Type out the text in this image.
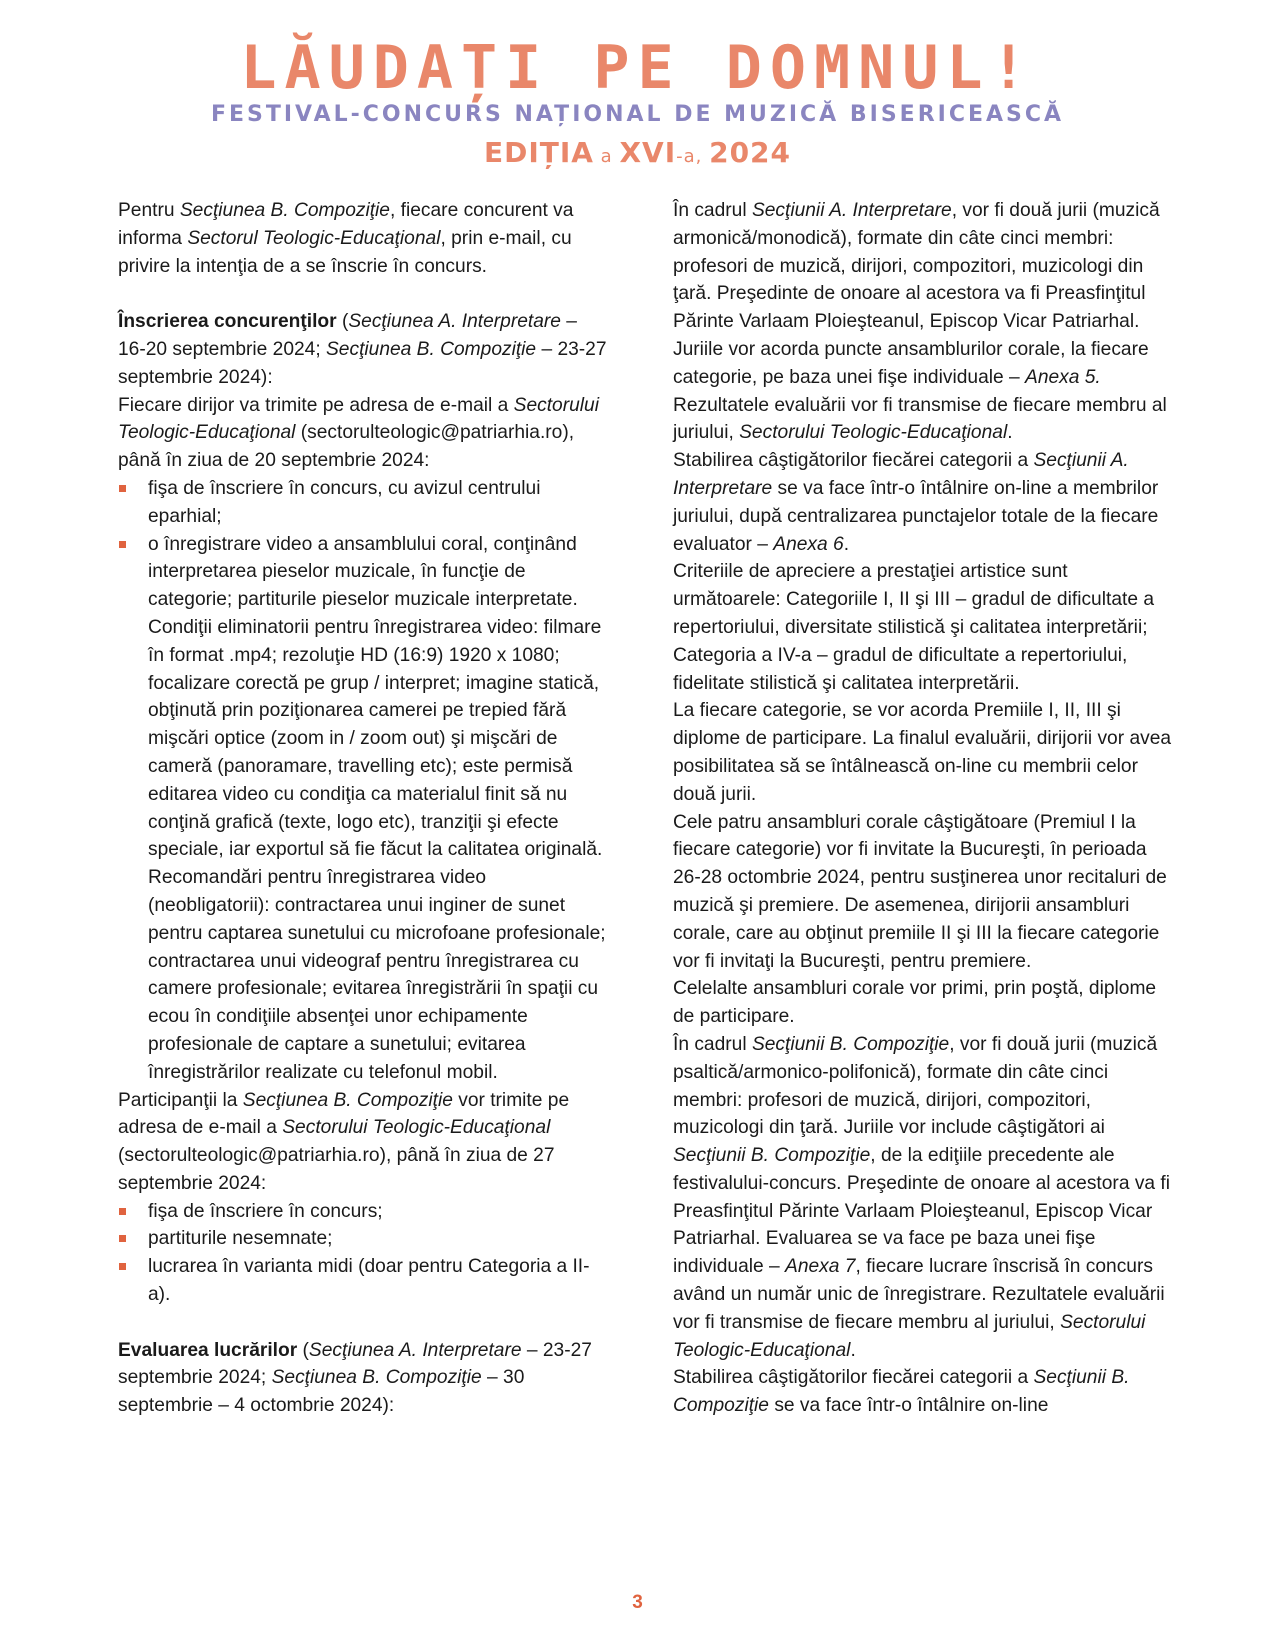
LĂUDAȚI PE DOMNUL!
FESTIVAL-CONCURS NAȚIONAL DE MUZICĂ BISERICEASCĂ
EDIȚIA a XVI-a, 2024

Pentru Secţiunea B. Compoziţie, fiecare concurent va informa Sectorul Teologic-Educaţional, prin e-mail, cu privire la intenţia de a se înscrie în concurs.

Înscrierea concurenţilor (Secţiunea A. Interpretare – 16-20 septembrie 2024; Secţiunea B. Compoziţie – 23-27 septembrie 2024):

Fiecare dirijor va trimite pe adresa de e-mail a Sectorului Teologic-Educaţional (sectorulteologic@patriarhia.ro), până în ziua de 20 septembrie 2024:

fişa de înscriere în concurs, cu avizul centrului eparhial;
o înregistrare video a ansamblului coral, conţinând interpretarea pieselor muzicale, în funcţie de categorie; partiturile pieselor muzicale interpretate. Condiţii eliminatorii pentru înregistrarea video: filmare în format .mp4; rezoluţie HD (16:9) 1920 x 1080; focalizare corectă pe grup / interpret; imagine statică, obţinută prin poziţionarea camerei pe trepied fără mişcări optice (zoom in / zoom out) şi mişcări de cameră (panoramare, travelling etc); este permisă editarea video cu condiţia ca materialul finit să nu conţină grafică (texte, logo etc), tranziţii şi efecte speciale, iar exportul să fie făcut la calitatea originală. Recomandări pentru înregistrarea video (neobligatorii): contractarea unui inginer de sunet pentru captarea sunetului cu microfoane profesionale; contractarea unui videograf pentru înregistrarea cu camere profesionale; evitarea înregistrării în spaţii cu ecou în condiţiile absenţei unor echipamente profesionale de captare a sunetului; evitarea înregistrărilor realizate cu telefonul mobil.

Participanţii la Secţiunea B. Compoziţie vor trimite pe adresa de e-mail a Sectorului Teologic-Educaţional (sectorulteologic@patriarhia.ro), până în ziua de 27 septembrie 2024:

fişa de înscriere în concurs;
partiturile nesemnate;
lucrarea în varianta midi (doar pentru Categoria a II-a).

Evaluarea lucrărilor (Secţiunea A. Interpretare – 23-27 septembrie 2024; Secţiunea B. Compoziţie – 30 septembrie – 4 octombrie 2024):

În cadrul Secţiunii A. Interpretare, vor fi două jurii (muzică armonică/monodică), formate din câte cinci membri: profesori de muzică, dirijori, compozitori, muzicologi din ţară. Preşedinte de onoare al acestora va fi Preasfinţitul Părinte Varlaam Ploieşteanul, Episcop Vicar Patriarhal. Juriile vor acorda puncte ansamblurilor corale, la fiecare categorie, pe baza unei fişe individuale – Anexa 5.

Rezultatele evaluării vor fi transmise de fiecare membru al juriului, Sectorului Teologic-Educaţional.

Stabilirea câştigătorilor fiecărei categorii a Secţiunii A. Interpretare se va face într-o întâlnire on-line a membrilor juriului, după centralizarea punctajelor totale de la fiecare evaluator – Anexa 6.

Criteriile de apreciere a prestaţiei artistice sunt următoarele: Categoriile I, II şi III – gradul de dificultate a repertoriului, diversitate stilistică şi calitatea interpretării; Categoria a IV-a – gradul de dificultate a repertoriului, fidelitate stilistică şi calitatea interpretării.

La fiecare categorie, se vor acorda Premiile I, II, III şi diplome de participare. La finalul evaluării, dirijorii vor avea posibilitatea să se întâlnească on-line cu membrii celor două jurii.

Cele patru ansambluri corale câştigătoare (Premiul I la fiecare categorie) vor fi invitate la Bucureşti, în perioada 26-28 octombrie 2024, pentru susţinerea unor recitaluri de muzică şi premiere. De asemenea, dirijorii ansambluri corale, care au obţinut premiile II şi III la fiecare categorie vor fi invitaţi la Bucureşti, pentru premiere.

Celelalte ansambluri corale vor primi, prin poştă, diplome de participare.

În cadrul Secţiunii B. Compoziţie, vor fi două jurii (muzică psaltică/armonico-polifonică), formate din câte cinci membri: profesori de muzică, dirijori, compozitori, muzicologi din ţară. Juriile vor include câştigători ai Secţiunii B. Compoziţie, de la ediţiile precedente ale festivalului-concurs. Preşedinte de onoare al acestora va fi Preasfinţitul Părinte Varlaam Ploieşteanul, Episcop Vicar Patriarhal. Evaluarea se va face pe baza unei fişe individuale – Anexa 7, fiecare lucrare înscrisă în concurs având un număr unic de înregistrare. Rezultatele evaluării vor fi transmise de fiecare membru al juriului, Sectorului Teologic-Educaţional.

Stabilirea câştigătorilor fiecărei categorii a Secţiunii B. Compoziţie se va face într-o întâlnire on-line

3
